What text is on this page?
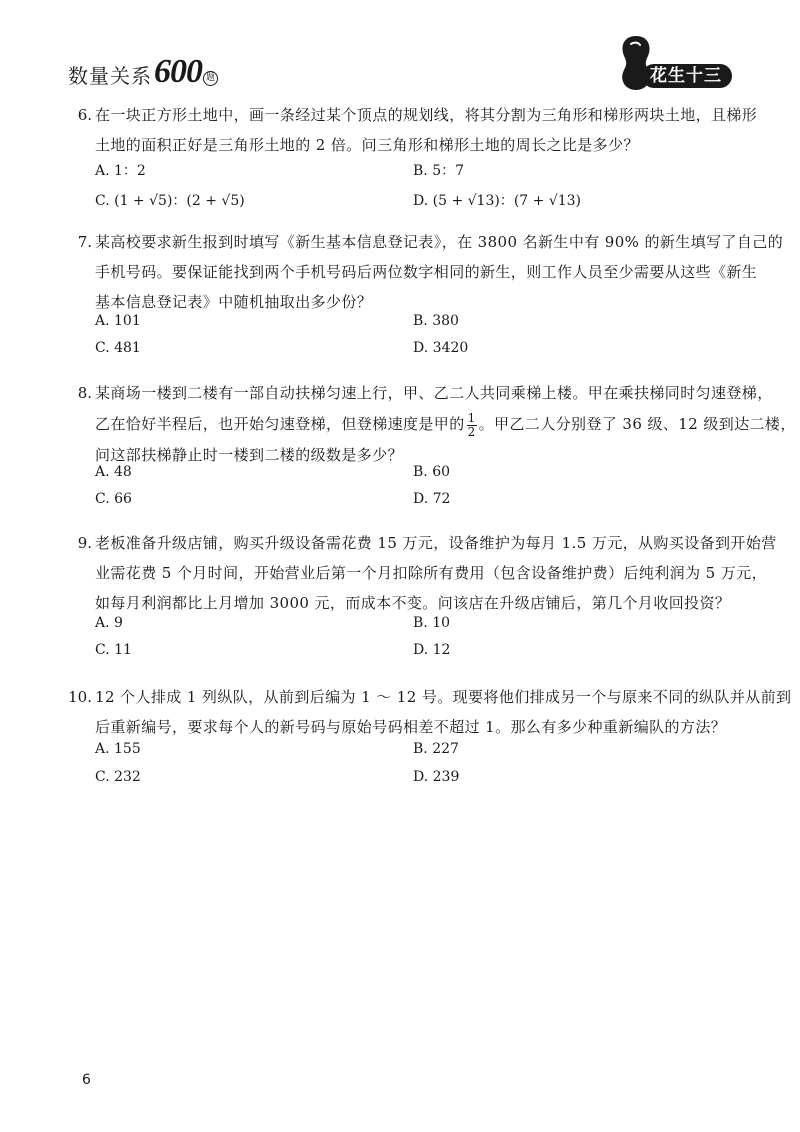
数量关系 600 题	花生十三
6. 在一块正方形土地中，画一条经过某个顶点的规划线，将其分割为三角形和梯形两块土地，且梯形
土地的面积正好是三角形土地的 2 倍。问三角形和梯形土地的周长之比是多少？
A. 1：2	B. 5：7
C. (1 + √5)：(2 + √5)	D. (5 + √13)：(7 + √13)
7. 某高校要求新生报到时填写《新生基本信息登记表》，在 3800 名新生中有 90% 的新生填写了自己的
手机号码。要保证能找到两个手机号码后两位数字相同的新生，则工作人员至少需要从这些《新生
基本信息登记表》中随机抽取出多少份？
A. 101	B. 380
C. 481	D. 3420
8. 某商场一楼到二楼有一部自动扶梯匀速上行，甲、乙二人共同乘梯上楼。甲在乘扶梯同时匀速登梯，
乙在恰好半程后，也开始匀速登梯，但登梯速度是甲的 $\frac{1}{2}$ 。甲乙二人分别登了 36 级、12 级到达二楼，
问这部扶梯静止时一楼到二楼的级数是多少？
A. 48	B. 60
C. 66	D. 72
9. 老板准备升级店铺，购买升级设备需花费 15 万元，设备维护为每月 1.5 万元，从购买设备到开始营
业需花费 5 个月时间，开始营业后第一个月扣除所有费用（包含设备维护费）后纯利润为 5 万元，
如每月利润都比上月增加 3000 元，而成本不变。问该店在升级店铺后，第几个月收回投资？
A. 9	B. 10
C. 11	D. 12
10. 12 个人排成 1 列纵队，从前到后编为 1 ～ 12 号。现要将他们排成另一个与原来不同的纵队并从前到
后重新编号，要求每个人的新号码与原始号码相差不超过 1。那么有多少种重新编队的方法？
A. 155	B. 227
C. 232	D. 239
6
